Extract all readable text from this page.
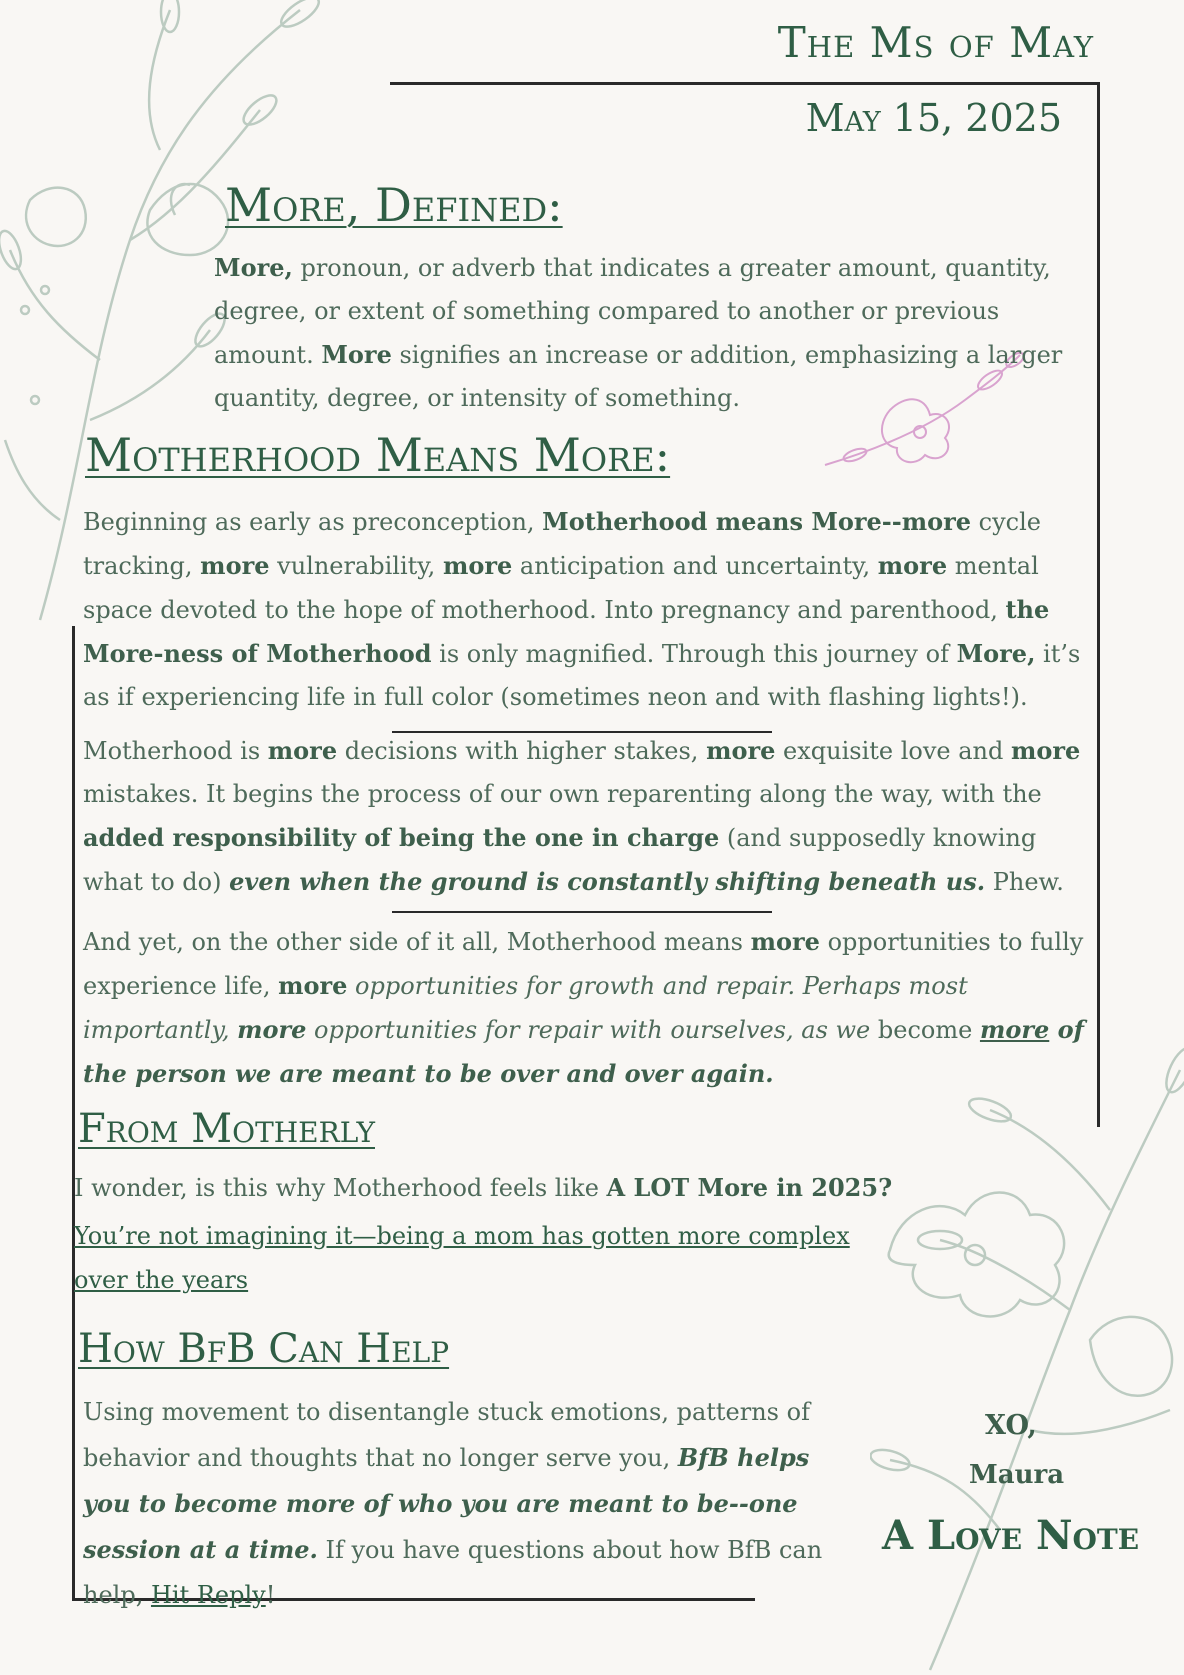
The Ms of May
May 15, 2025
More, Defined:

More, pronoun, or adverb that indicates a greater amount, quantity, degree, or extent of something compared to another or previous amount. More signifies an increase or addition, emphasizing a larger quantity, degree, or intensity of something.

Motherhood Means More:

Beginning as early as preconception, Motherhood means More--more cycle tracking, more vulnerability, more anticipation and uncertainty, more mental space devoted to the hope of motherhood. Into pregnancy and parenthood, the More-ness of Motherhood is only magnified. Through this journey of More, it’s as if experiencing life in full color (sometimes neon and with flashing lights!).

Motherhood is more decisions with higher stakes, more exquisite love and more mistakes. It begins the process of our own reparenting along the way, with the added responsibility of being the one in charge (and supposedly knowing what to do) even when the ground is constantly shifting beneath us. Phew.

And yet, on the other side of it all, Motherhood means more opportunities to fully experience life, more opportunities for growth and repair. Perhaps most importantly, more opportunities for repair with ourselves, as we become more of the person we are meant to be over and over again.

From Motherly

I wonder, is this why Motherhood feels like A LOT More in 2025?

You’re not imagining it—being a mom has gotten more complex over the years
How BfB Can Help

Using movement to disentangle stuck emotions, patterns of behavior and thoughts that no longer serve you, BfB helps you to become more of who you are meant to be--one session at a time. If you have questions about how BfB can help, Hit Reply!

XO,
Maura
A Love Note
